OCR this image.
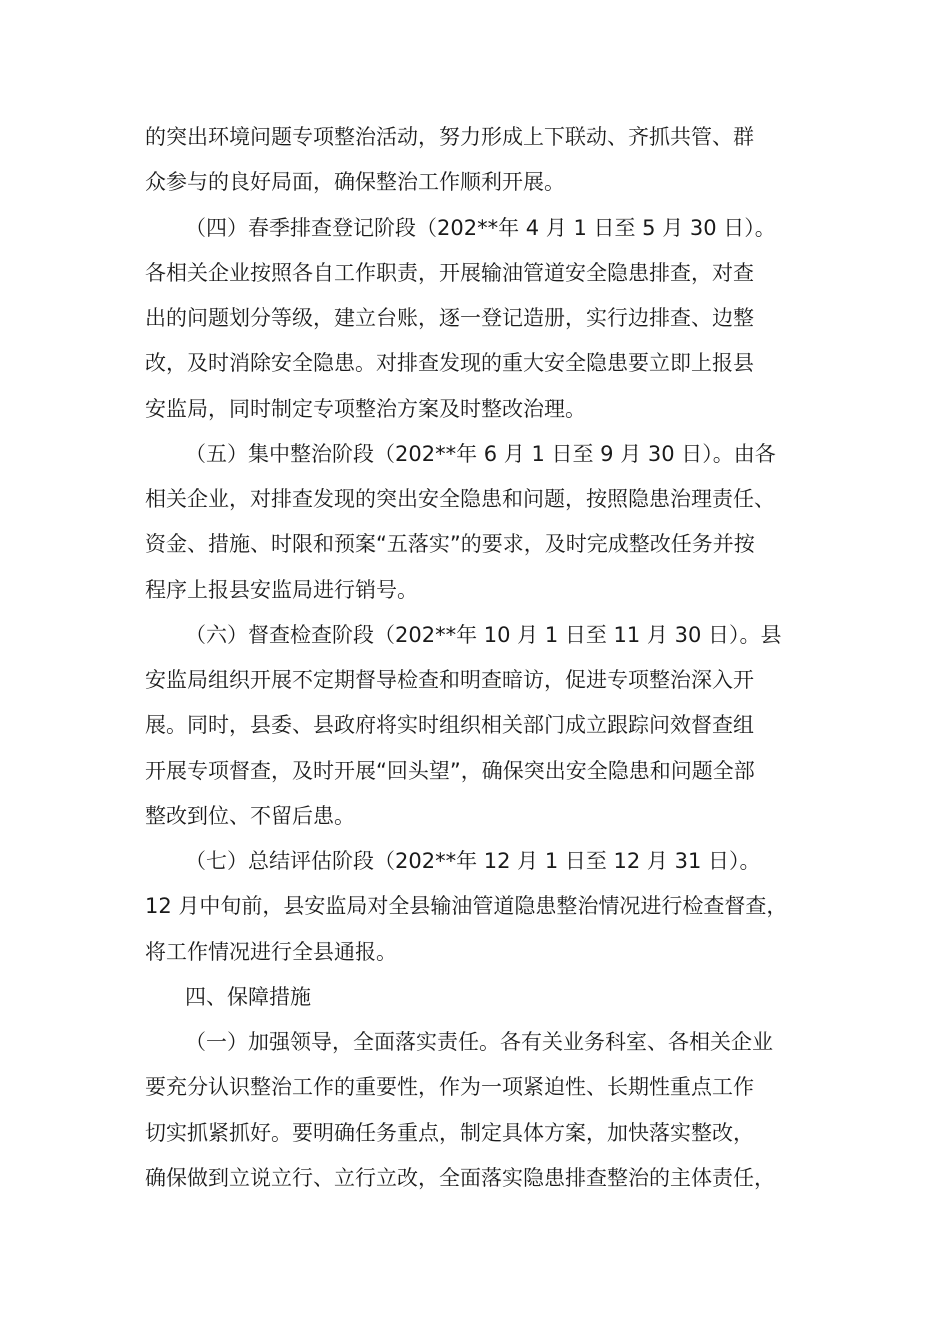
的突出环境问题专项整治活动，努力形成上下联动、齐抓共管、群
众参与的良好局面，确保整治工作顺利开展。
（四）春季排查登记阶段（202**年 4 月 1 日至 5 月 30 日）。
各相关企业按照各自工作职责，开展输油管道安全隐患排查，对查
出的问题划分等级，建立台账，逐一登记造册，实行边排查、边整
改，及时消除安全隐患。对排查发现的重大安全隐患要立即上报县
安监局，同时制定专项整治方案及时整改治理。
（五）集中整治阶段（202**年 6 月 1 日至 9 月 30 日）。由各
相关企业，对排查发现的突出安全隐患和问题，按照隐患治理责任、
资金、措施、时限和预案“五落实”的要求，及时完成整改任务并按
程序上报县安监局进行销号。
（六）督查检查阶段（202**年 10 月 1 日至 11 月 30 日）。县
安监局组织开展不定期督导检查和明查暗访，促进专项整治深入开
展。同时，县委、县政府将实时组织相关部门成立跟踪问效督查组
开展专项督查，及时开展“回头望”，确保突出安全隐患和问题全部
整改到位、不留后患。
（七）总结评估阶段（202**年 12 月 1 日至 12 月 31 日）。
12 月中旬前，县安监局对全县输油管道隐患整治情况进行检查督查，
将工作情况进行全县通报。
四、保障措施
（一）加强领导，全面落实责任。各有关业务科室、各相关企业
要充分认识整治工作的重要性，作为一项紧迫性、长期性重点工作
切实抓紧抓好。要明确任务重点，制定具体方案，加快落实整改，
确保做到立说立行、立行立改，全面落实隐患排查整治的主体责任，
